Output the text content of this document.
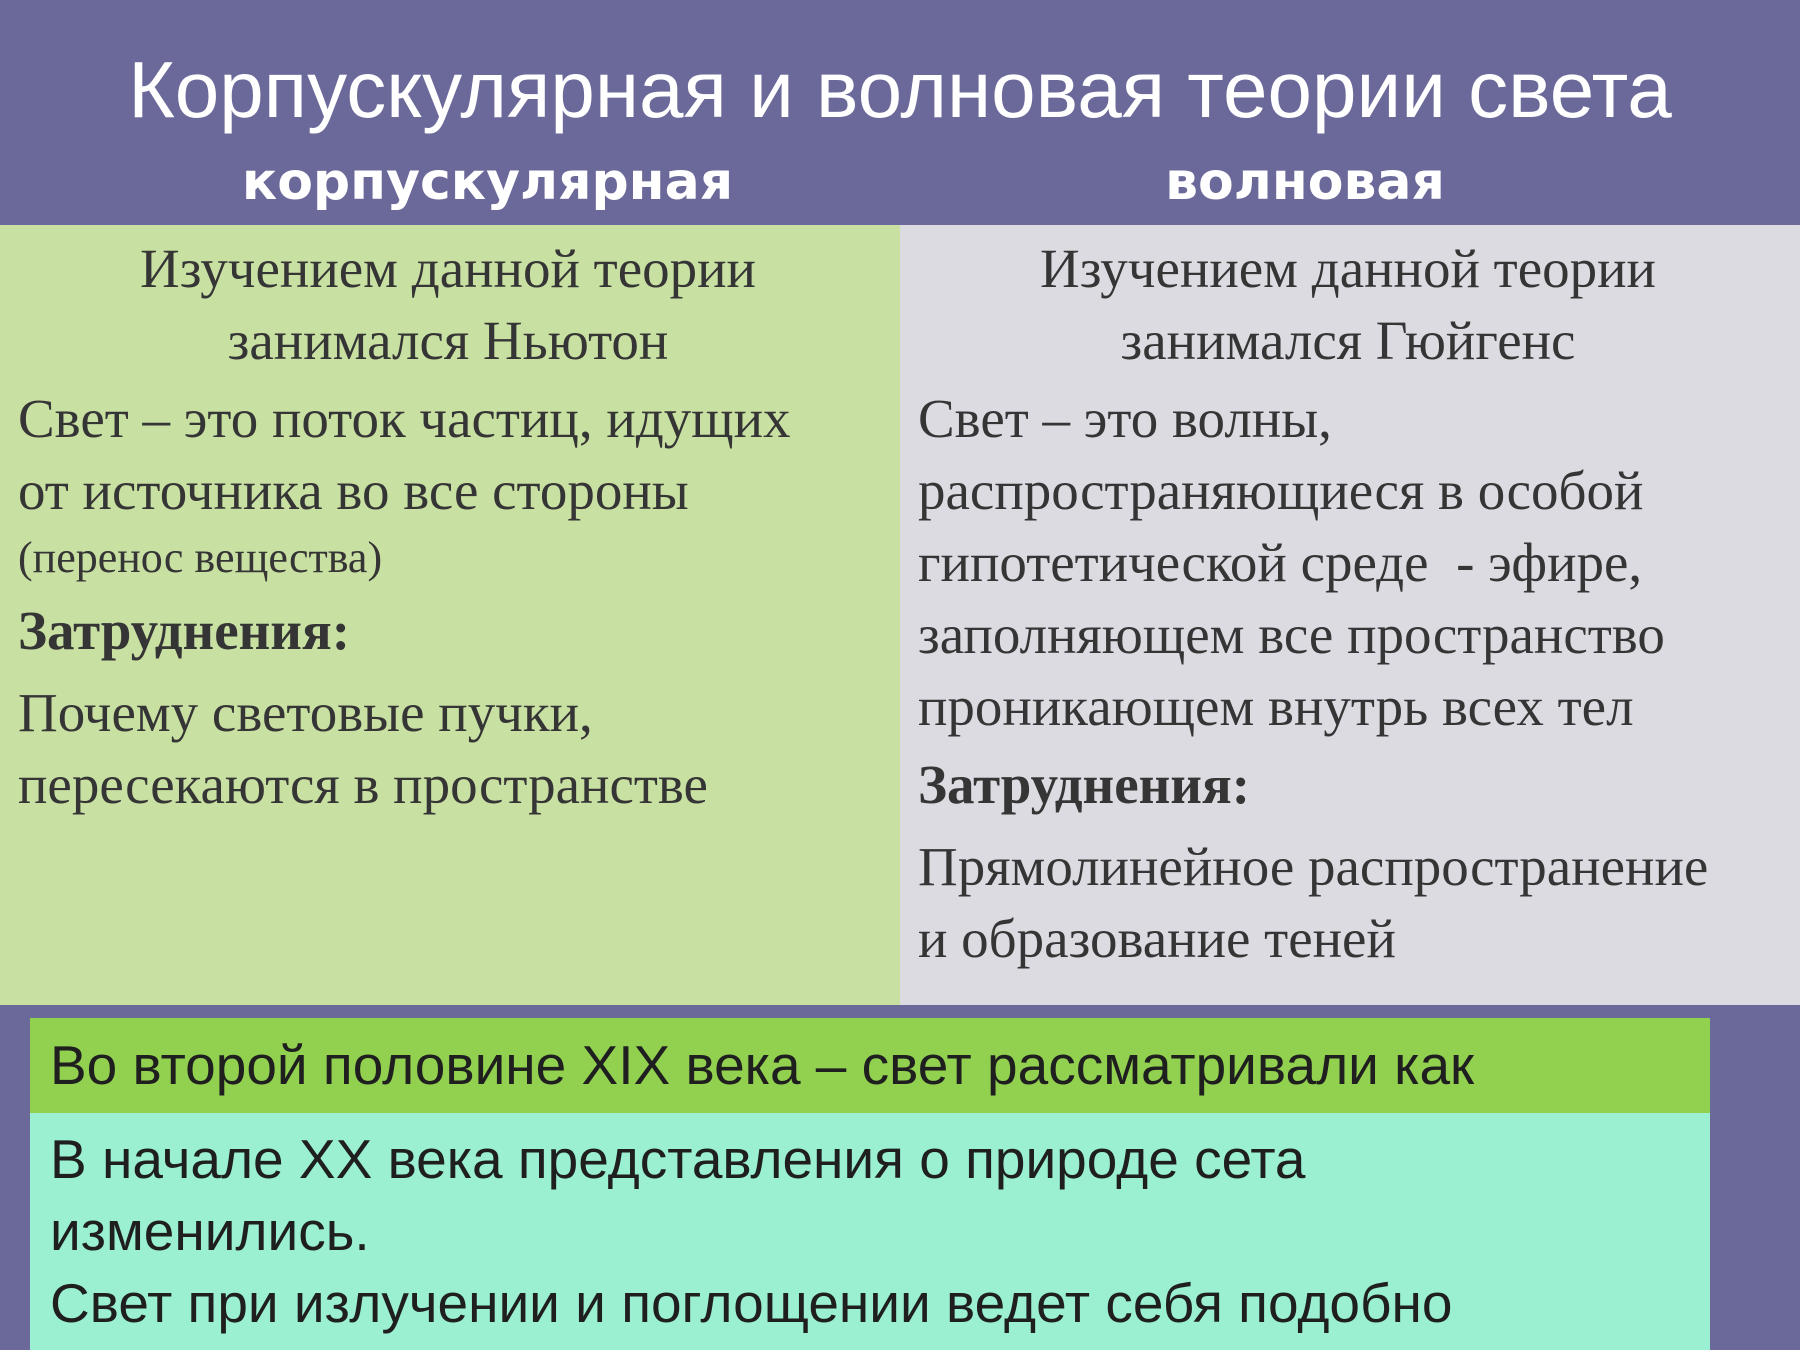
Корпускулярная и волновая теории света
корпускулярная	волновая
Изучением данной теории
занимался Ньютон
Свет – это поток частиц, идущих
от источника во все стороны
(перенос вещества)
Затруднения:
Почему световые пучки,
пересекаются в пространстве
Изучением данной теории
занимался Гюйгенс
Свет – это волны,
распространяющиеся в особой
гипотетической среде  - эфире,
заполняющем все пространство
проникающем внутрь всех тел
Затруднения:
Прямолинейное распространение
и образование теней
Во второй половине XIX века – свет рассматривали как
В начале XX века представления о природе сета
изменились.
Свет при излучении и поглощении ведет себя подобно
